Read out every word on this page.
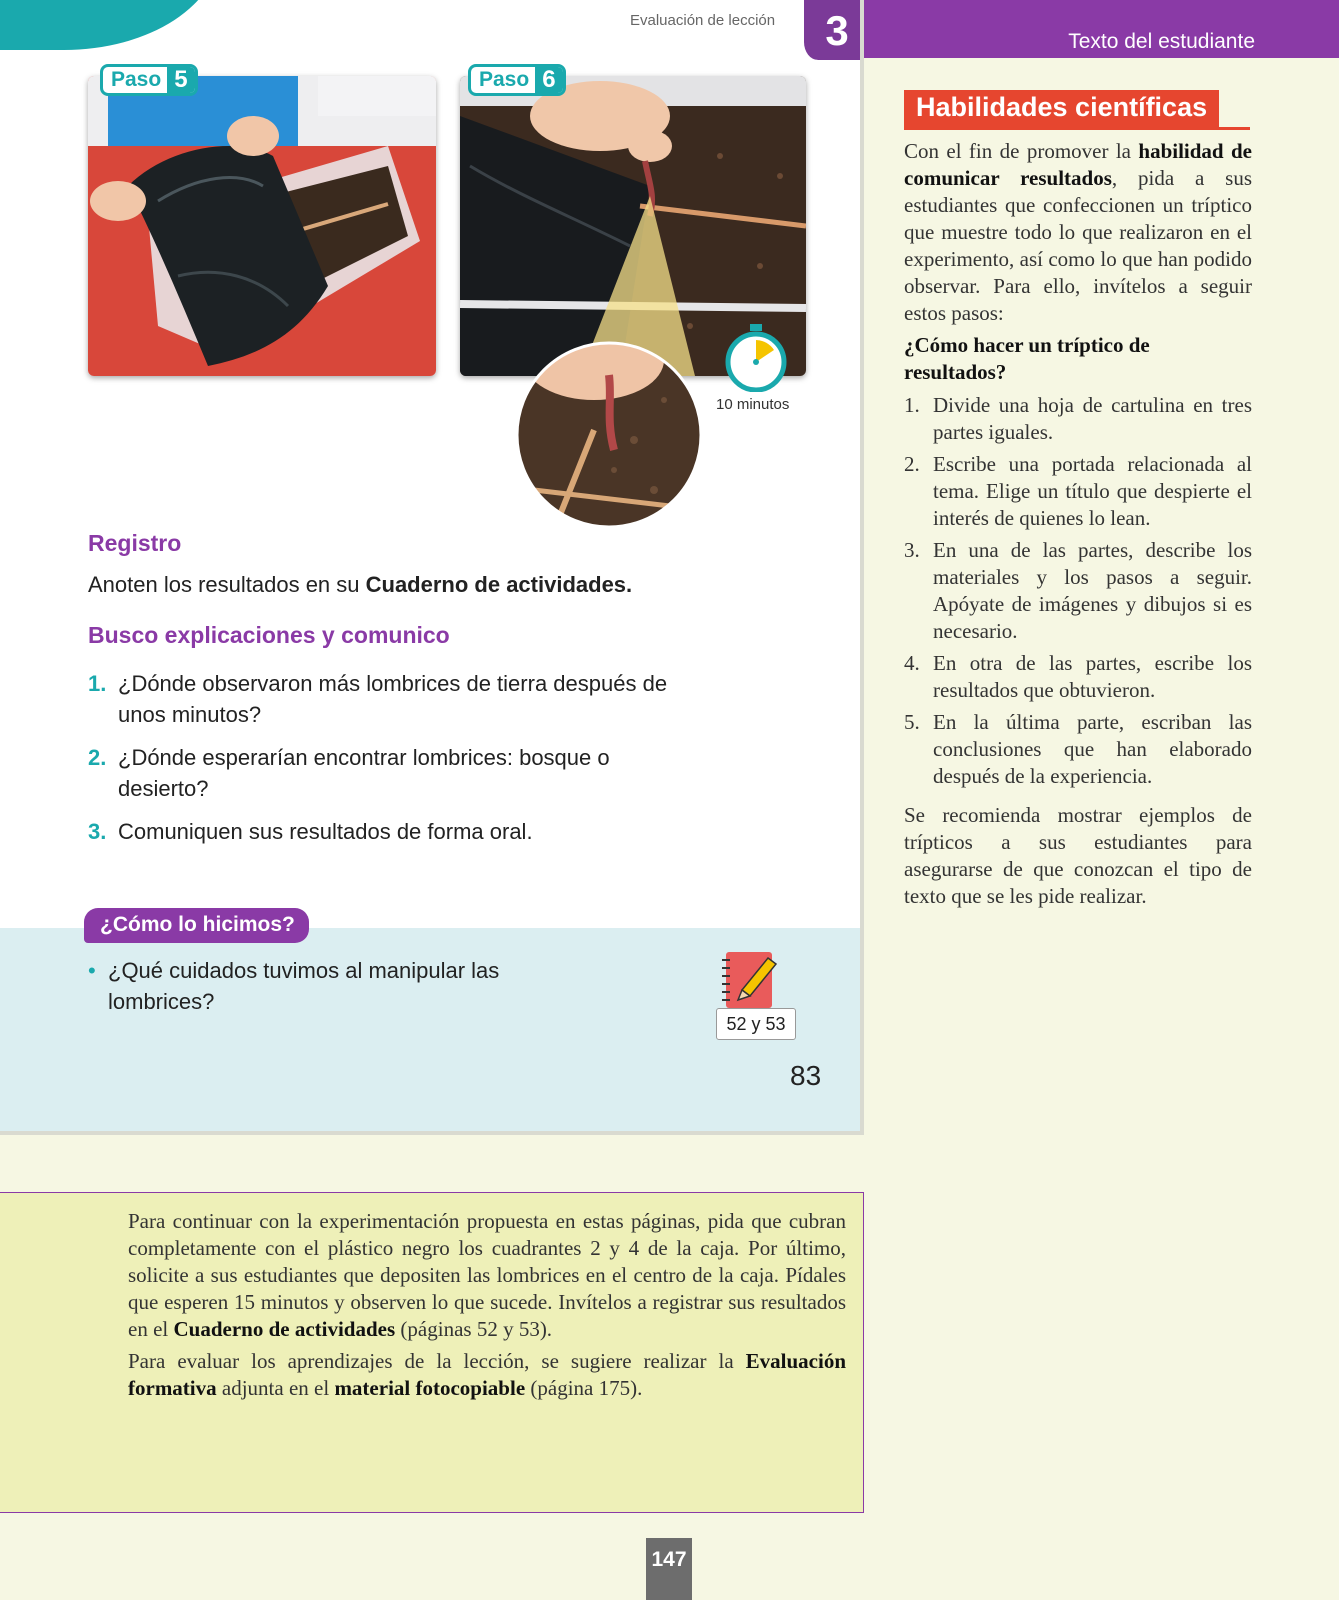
Evaluación de lección	3
Paso 5	Paso 6
10 minutos
Registro
Anoten los resultados en su Cuaderno de actividades.
Busco explicaciones y comunico
1. ¿Dónde observaron más lombrices de tierra después de unos minutos?
2. ¿Dónde esperarían encontrar lombrices: bosque o desierto?
3. Comuniquen sus resultados de forma oral.
¿Cómo lo hicimos?
• ¿Qué cuidados tuvimos al manipular las lombrices?
52 y 53
83
Texto del estudiante
Habilidades científicas
Con el fin de promover la habilidad de comunicar resultados, pida a sus estudiantes que confeccionen un tríptico que muestre todo lo que realizaron en el experimento, así como lo que han podido observar. Para ello, invítelos a seguir estos pasos:
¿Cómo hacer un tríptico de resultados?
1. Divide una hoja de cartulina en tres partes iguales.
2. Escribe una portada relacionada al tema. Elige un título que despierte el interés de quienes lo lean.
3. En una de las partes, describe los materiales y los pasos a seguir. Apóyate de imágenes y dibujos si es necesario.
4. En otra de las partes, escribe los resultados que obtuvieron.
5. En la última parte, escriban las conclusiones que han elaborado después de la experiencia.
Se recomienda mostrar ejemplos de trípticos a sus estudiantes para asegurarse de que conozcan el tipo de texto que se les pide realizar.
Para continuar con la experimentación propuesta en estas páginas, pida que cubran completamente con el plástico negro los cuadrantes 2 y 4 de la caja. Por último, solicite a sus estudiantes que depositen las lombrices en el centro de la caja. Pídales que esperen 15 minutos y observen lo que sucede. Invítelos a registrar sus resultados en el Cuaderno de actividades (páginas 52 y 53).
Para evaluar los aprendizajes de la lección, se sugiere realizar la Evaluación formativa adjunta en el material fotocopiable (página 175).
147
